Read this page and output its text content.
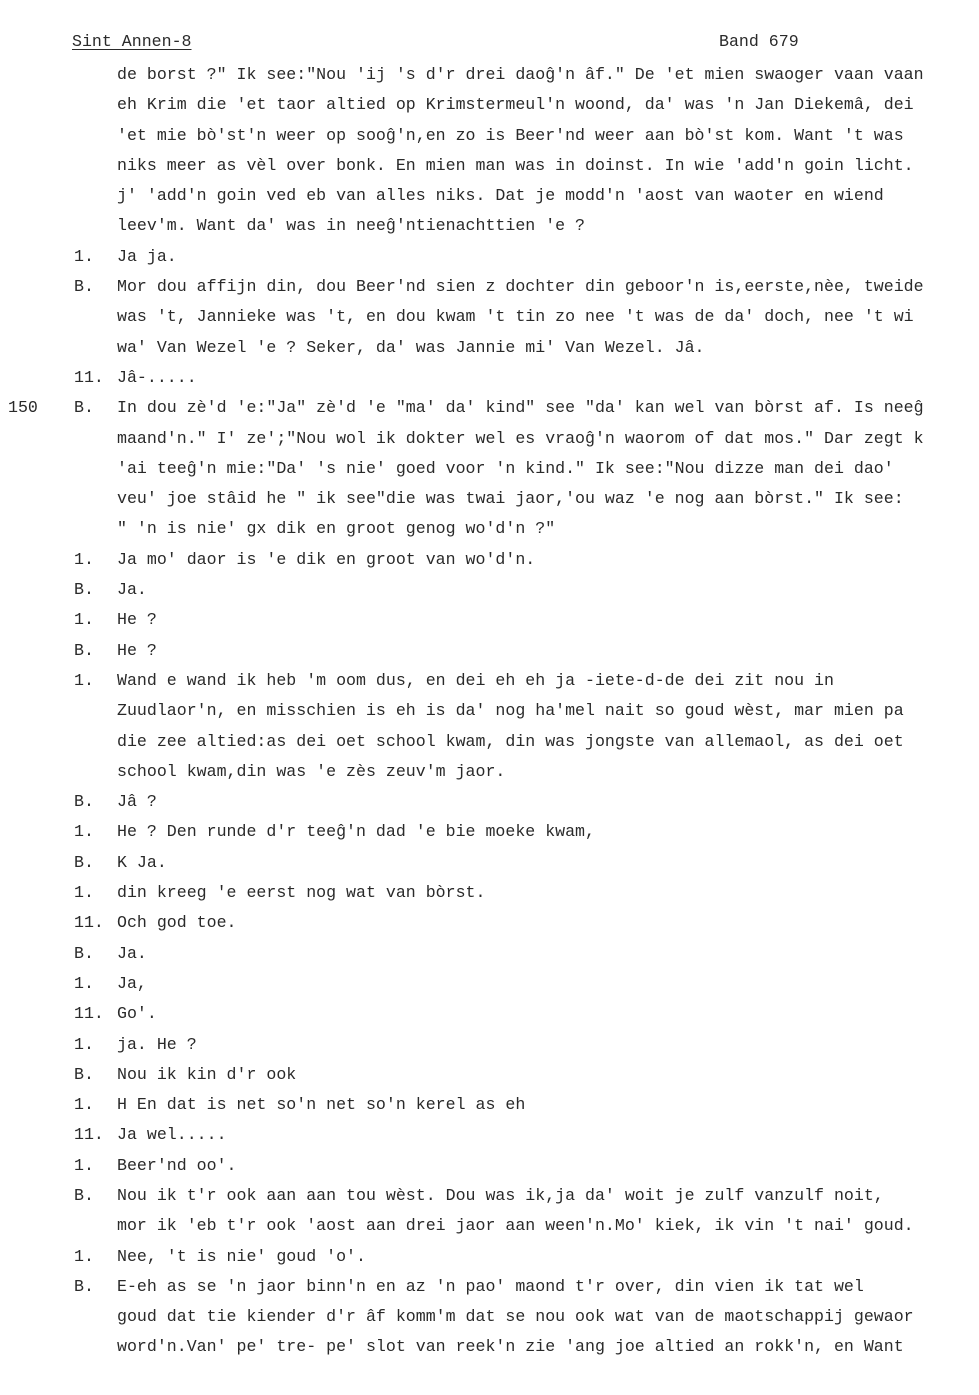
Sint Annen-8	Band 679
de borst ?" Ik see:"Nou 'ij 's d'r drei daoĝ'n âf." De 'et mien swaoger vaan vaan
eh Krim die 'et taor altied op Krimstermeul'n woond, da' was 'n Jan Diekemâ, dei
'et mie bò'st'n weer op sooĝ'n,en zo is Beer'nd weer aan bò'st kom. Want 't was
niks meer as vèl over bonk. En mien man was in doinst. In wie 'add'n goin licht.
j' 'add'n goin ved eb van alles niks. Dat je modd'n 'aost van waoter en wiend
leev'm. Want da' was in neeĝ'ntienachttien 'e ?
1. Ja ja.
B. Mor dou affijn din, dou Beer'nd sien z dochter din geboor'n is,eerste,nèe, tweide
was 't, Jannieke was 't, en dou kwam 't tin zo nee 't was de da' doch, nee 't wi
wa' Van Wezel 'e ? Seker, da' was Jannie mi' Van Wezel. Jâ.
11. Jâ-.....
150 B. In dou zè'd 'e:"Ja" zè'd 'e "ma' da' kind" see "da' kan wel van bòrst af. Is neeĝ
maand'n." I' ze';"Nou wol ik dokter wel es vraoĝ'n waorom of dat mos." Dar zegt k
'ai teeĝ'n mie:"Da' 's nie' goed voor 'n kind." Ik see:"Nou dizze man dei dao'
veu' joe stâid he " ik see"die was twai jaor,'ou waz 'e nog aan bòrst." Ik see:
" 'n is nie' gx dik en groot genog wo'd'n ?"
1. Ja mo' daor is 'e dik en groot van wo'd'n.
B. Ja.
1. He ?
B. He ?
1. Wand e wand ik heb 'm oom dus, en dei eh eh ja -iete-d-de dei zit nou in
Zuudlaor'n, en misschien is eh is da' nog ha'mel nait so goud wèst, mar mien pa
die zee altied:as dei oet school kwam, din was jongste van allemaol, as dei oet
school kwam,din was 'e zès zeuv'm jaor.
B. Jâ ?
1. He ? Den runde d'r teeĝ'n dad 'e bie moeke kwam,
B. K Ja.
1. din kreeg 'e eerst nog wat van bòrst.
11. Och god toe.
B. Ja.
1. Ja,
11. Go'.
1. ja. He ?
B. Nou ik kin d'r ook
1. H En dat is net so'n net so'n kerel as eh
11. Ja wel.....
1. Beer'nd oo'.
B. Nou ik t'r ook aan aan tou wèst. Dou was ik,ja da' woit je zulf vanzulf noit,
mor ik 'eb t'r ook 'aost aan drei jaor aan ween'n.Mo' kiek, ik vin 't nai' goud.
1. Nee, 't is nie' goud 'o'.
B. E-eh as se 'n jaor binn'n en az 'n pao' maond t'r over, din vien ik tat wel
goud dat tie kiender d'r âf komm'm dat se nou ook wat van de maotschappij gewaor
word'n.Van' pe' tre- pe' slot van reek'n zie 'ang joe altied an rokk'n, en Want
